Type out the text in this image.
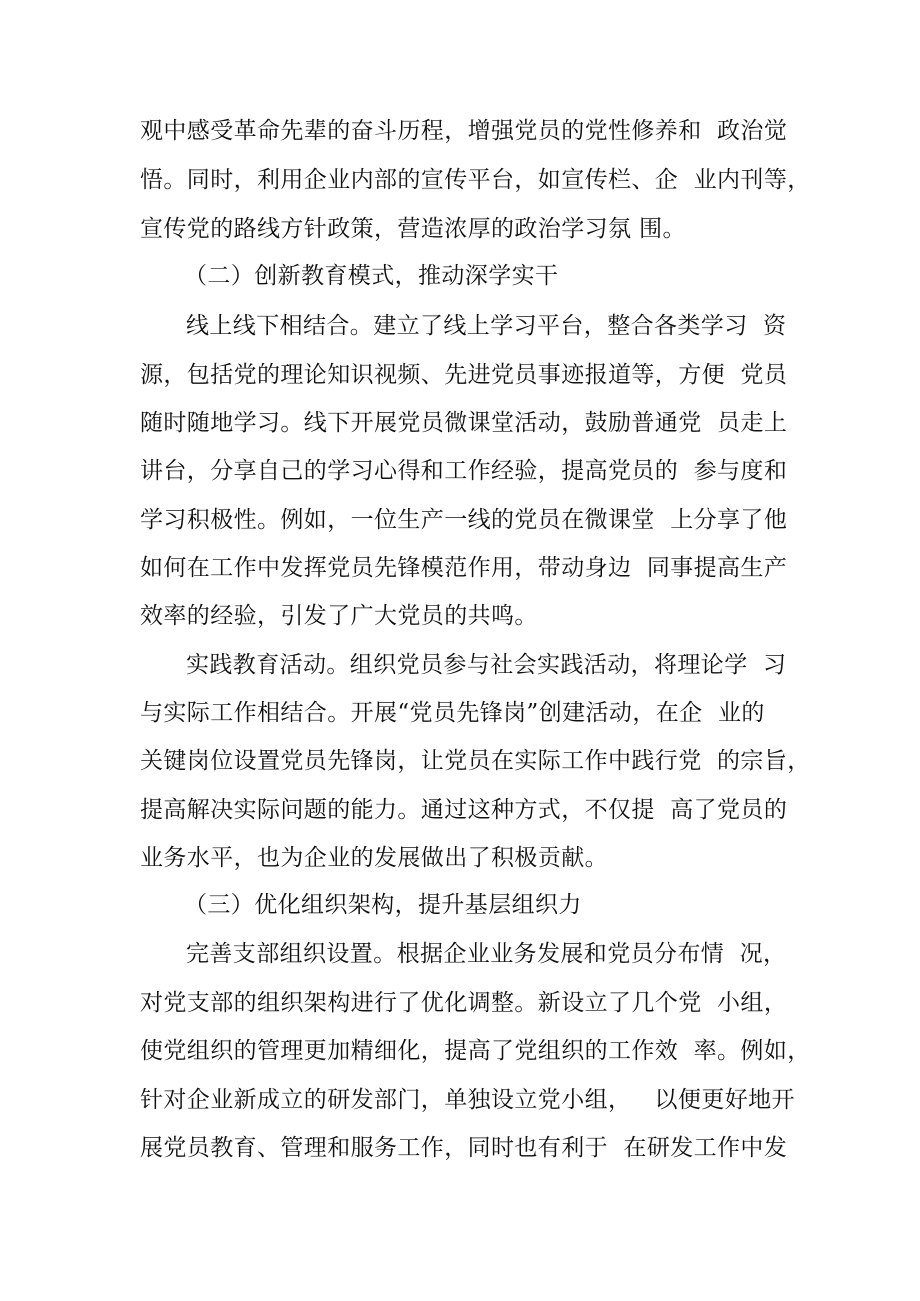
观中感受革命先辈的奋斗历程，增强党员的党性修养和  政治觉
悟。同时，利用企业内部的宣传平台，如宣传栏、企  业内刊等，
宣传党的路线方针政策，营造浓厚的政治学习氛 围。
（二）创新教育模式，推动深学实干
线上线下相结合。建立了线上学习平台，整合各类学习  资
源，包括党的理论知识视频、先进党员事迹报道等，方便  党员
随时随地学习。线下开展党员微课堂活动，鼓励普通党  员走上
讲台，分享自己的学习心得和工作经验，提高党员的  参与度和
学习积极性。例如，一位生产一线的党员在微课堂  上分享了他
如何在工作中发挥党员先锋模范作用，带动身边  同事提高生产
效率的经验，引发了广大党员的共鸣。
实践教育活动。组织党员参与社会实践活动，将理论学  习
与实际工作相结合。开展“党员先锋岗”创建活动，在企  业的
关键岗位设置党员先锋岗，让党员在实际工作中践行党  的宗旨，
提高解决实际问题的能力。通过这种方式，不仅提  高了党员的
业务水平，也为企业的发展做出了积极贡献。
（三）优化组织架构，提升基层组织力
完善支部组织设置。根据企业业务发展和党员分布情  况，
对党支部的组织架构进行了优化调整。新设立了几个党  小组，
使党组织的管理更加精细化，提高了党组织的工作效  率。例如，
针对企业新成立的研发部门，单独设立党小组，   以便更好地开
展党员教育、管理和服务工作，同时也有利于  在研发工作中发
